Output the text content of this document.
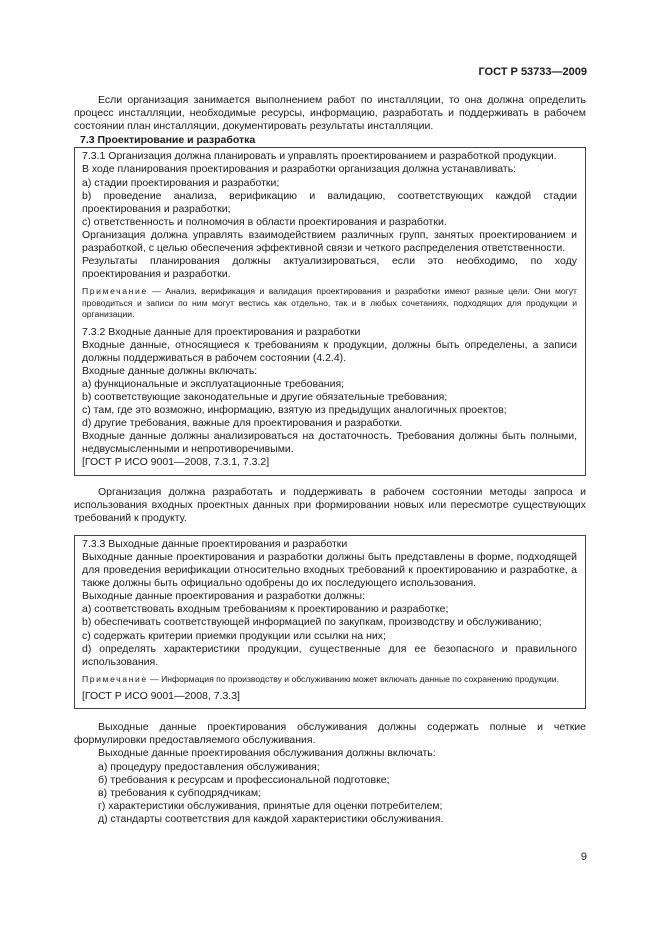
ГОСТ Р 53733—2009

Если организация занимается выполнением работ по инсталляции, то она должна определить процесс инсталляции, необходимые ресурсы, информацию, разработать и поддерживать в рабочем состоянии план инсталляции, документировать результаты инсталляции.

7.3 Проектирование и разработка

7.3.1 Организация должна планировать и управлять проектированием и разработкой продукции.

В ходе планирования проектирования и разработки организация должна устанавливать:

а) стадии проектирования и разработки;

b) проведение анализа, верификацию и валидацию, соответствующих каждой стадии проектирования и разработки;

с) ответственность и полномочия в области проектирования и разработки.

Организация должна управлять взаимодействием различных групп, занятых проектированием и разработкой, с целью обеспечения эффективной связи и четкого распределения ответственности.

Результаты планирования должны актуализироваться, если это необходимо, по ходу проектирования и разработки.

Примечание — Анализ, верификация и валидация проектирования и разработки имеют разные цели. Они могут проводиться и записи по ним могут вестись как отдельно, так и в любых сочетаниях, подходящих для продукции и организации.

7.3.2 Входные данные для проектирования и разработки

Входные данные, относящиеся к требованиям к продукции, должны быть определены, а записи должны поддерживаться в рабочем состоянии (4.2.4).

Входные данные должны включать:

а) функциональные и эксплуатационные требования;

b) соответствующие законодательные и другие обязательные требования;

с) там, где это возможно, информацию, взятую из предыдущих аналогичных проектов;

d) другие требования, важные для проектирования и разработки.

Входные данные должны анализироваться на достаточность. Требования должны быть полными, недвусмысленными и непротиворечивыми.

[ГОСТ Р ИСО 9001—2008, 7.3.1, 7.3.2]

Организация должна разработать и поддерживать в рабочем состоянии методы запроса и использования входных проектных данных при формировании новых или пересмотре существующих требований к продукту.

7.3.3 Выходные данные проектирования и разработки

Выходные данные проектирования и разработки должны быть представлены в форме, подходящей для проведения верификации относительно входных требований к проектированию и разработке, а также должны быть официально одобрены до их последующего использования.

Выходные данные проектирования и разработки должны:

а) соответствовать входным требованиям к проектированию и разработке;

b) обеспечивать соответствующей информацией по закупкам, производству и обслуживанию;

с) содержать критерии приемки продукции или ссылки на них;

d) определять характеристики продукции, существенные для ее безопасного и правильного использования.

Примечание — Информация по производству и обслуживанию может включать данные по сохранению продукции.

[ГОСТ Р ИСО 9001—2008, 7.3.3]

Выходные данные проектирования обслуживания должны содержать полные и четкие формулировки предоставляемого обслуживания.

Выходные данные проектирования обслуживания должны включать:

а) процедуру предоставления обслуживания;

б) требования к ресурсам и профессиональной подготовке;

в) требования к субподрядчикам;

г) характеристики обслуживания, принятые для оценки потребителем;

д) стандарты соответствия для каждой характеристики обслуживания.

9
